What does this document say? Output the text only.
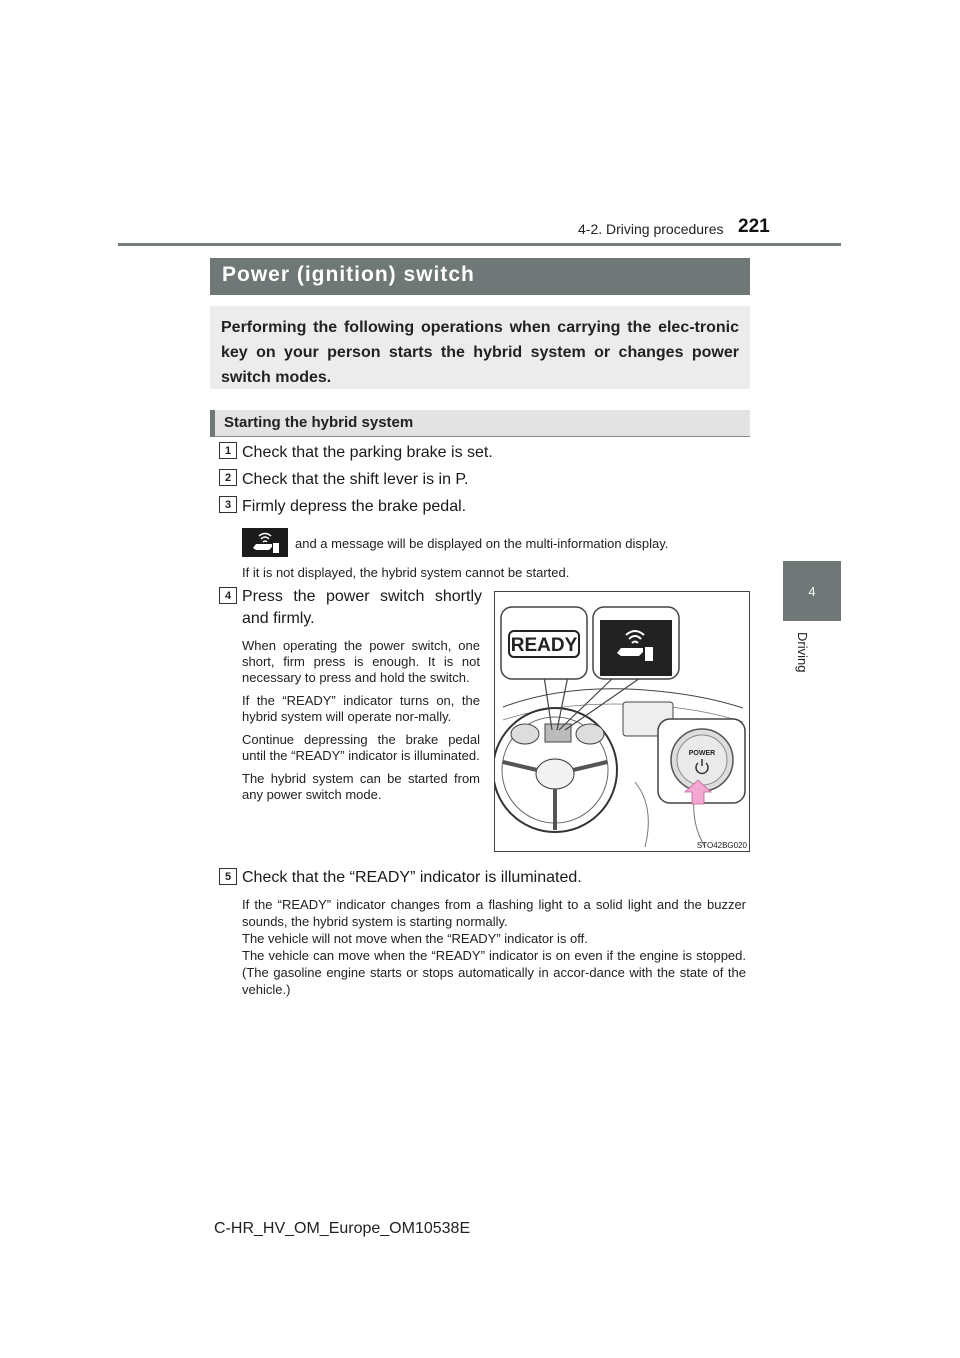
4-2. Driving procedures 221
4
Driving
Power (ignition) switch
Performing the following operations when carrying the elec-tronic key on your person starts the hybrid system or changes power switch modes.
Starting the hybrid system
1 Check that the parking brake is set.
2 Check that the shift lever is in P.
3 Firmly depress the brake pedal.
and a message will be displayed on the multi-information display.
If it is not displayed, the hybrid system cannot be started.
4 Press the power switch shortly and firmly.

When operating the power switch, one short, firm press is enough. It is not necessary to press and hold the switch.

If the “READY” indicator turns on, the hybrid system will operate nor-mally.

Continue depressing the brake pedal until the “READY” indicator is illuminated.

The hybrid system can be started from any power switch mode.

READY
POWER
STO42BG020
5 Check that the “READY” indicator is illuminated.
If the “READY” indicator changes from a flashing light to a solid light and the buzzer sounds, the hybrid system is starting normally.
The vehicle will not move when the “READY” indicator is off.
The vehicle can move when the “READY” indicator is on even if the engine is stopped. (The gasoline engine starts or stops automatically in accor-dance with the state of the vehicle.)
C-HR_HV_OM_Europe_OM10538E
